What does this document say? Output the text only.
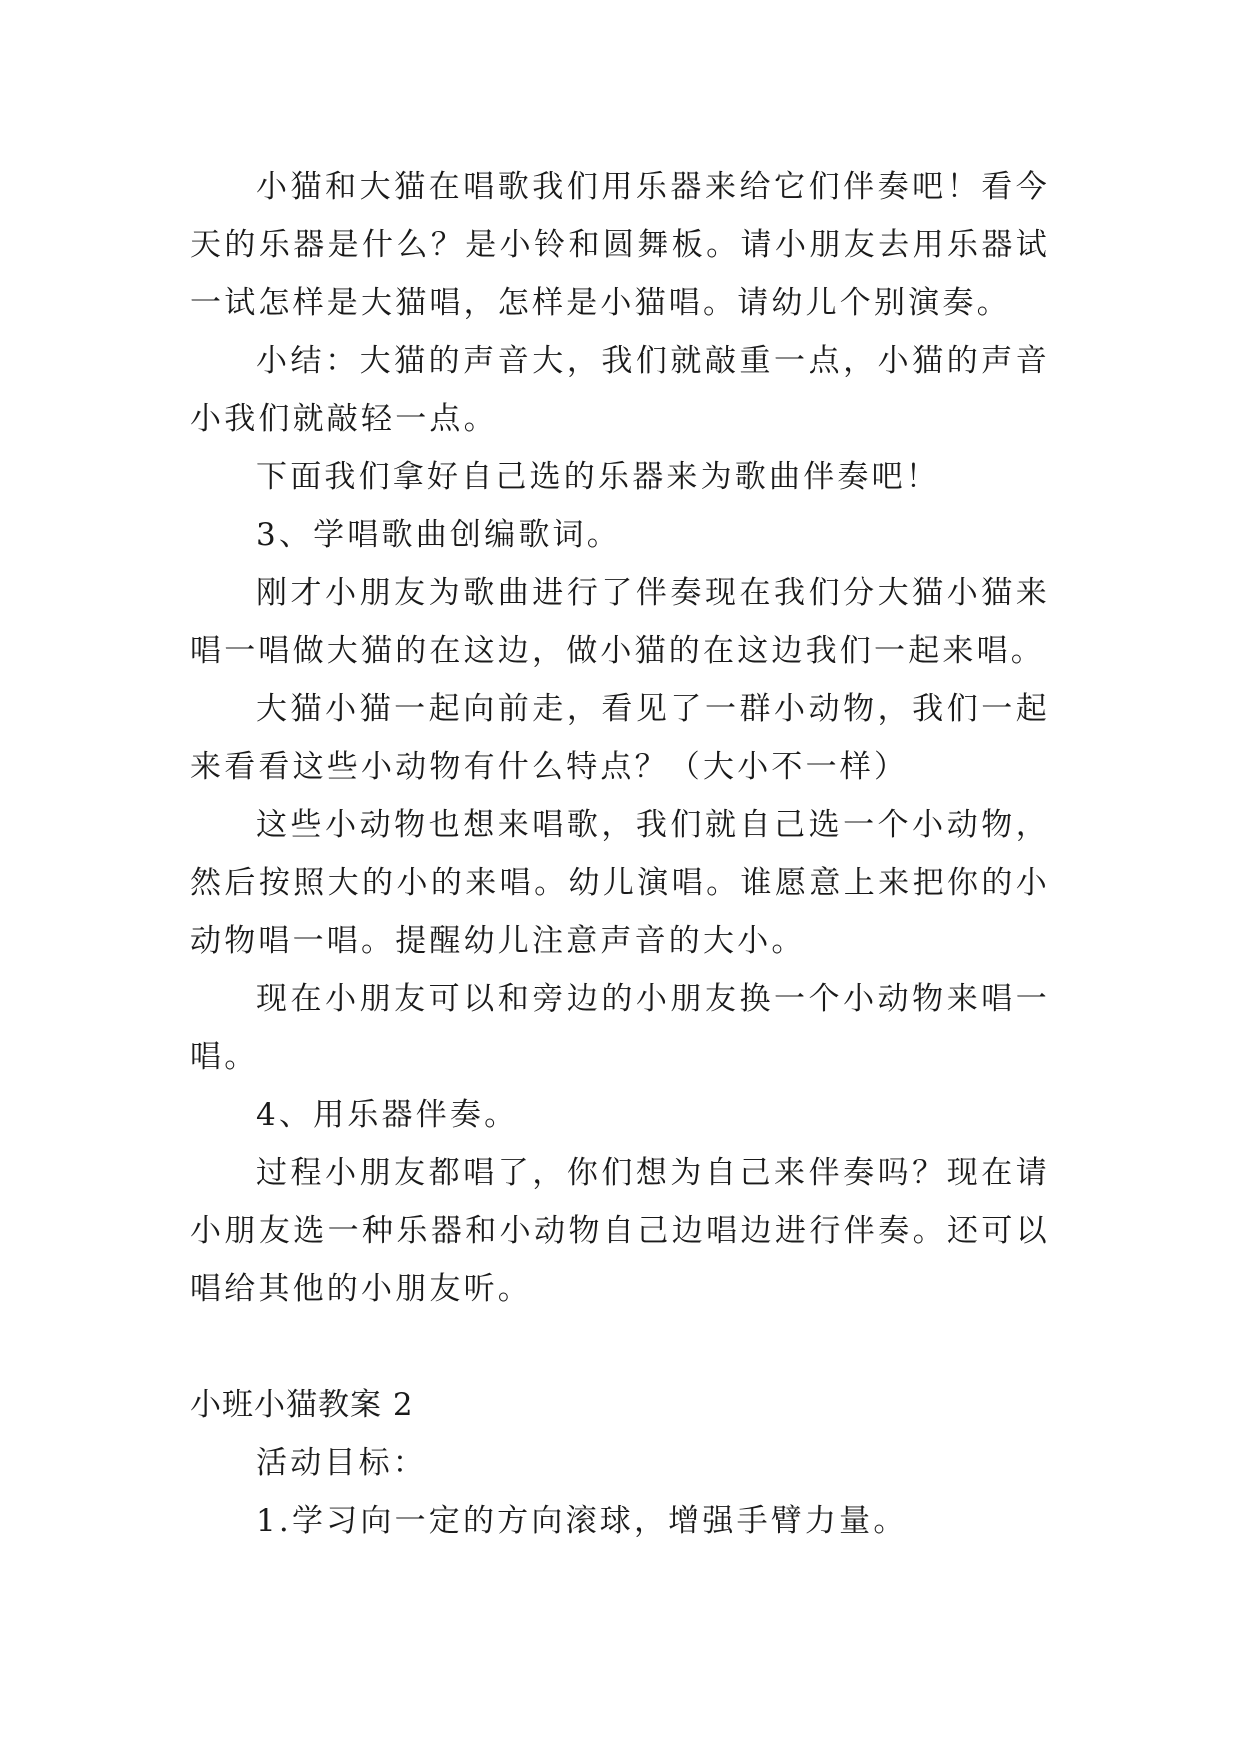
小猫和大猫在唱歌我们用乐器来给它们伴奏吧！看今天的乐器是什么？是小铃和圆舞板。请小朋友去用乐器试一试怎样是大猫唱，怎样是小猫唱。请幼儿个别演奏。

小结：大猫的声音大，我们就敲重一点，小猫的声音小我们就敲轻一点。

下面我们拿好自己选的乐器来为歌曲伴奏吧！

3、学唱歌曲创编歌词。

刚才小朋友为歌曲进行了伴奏现在我们分大猫小猫来唱一唱做大猫的在这边，做小猫的在这边我们一起来唱。

大猫小猫一起向前走，看见了一群小动物，我们一起来看看这些小动物有什么特点？（大小不一样）

这些小动物也想来唱歌，我们就自己选一个小动物，然后按照大的小的来唱。幼儿演唱。谁愿意上来把你的小动物唱一唱。提醒幼儿注意声音的大小。

现在小朋友可以和旁边的小朋友换一个小动物来唱一唱。

4、用乐器伴奏。

过程小朋友都唱了，你们想为自己来伴奏吗？现在请小朋友选一种乐器和小动物自己边唱边进行伴奏。还可以唱给其他的小朋友听。

小班小猫教案 2

活动目标：

1.学习向一定的方向滚球，增强手臂力量。
